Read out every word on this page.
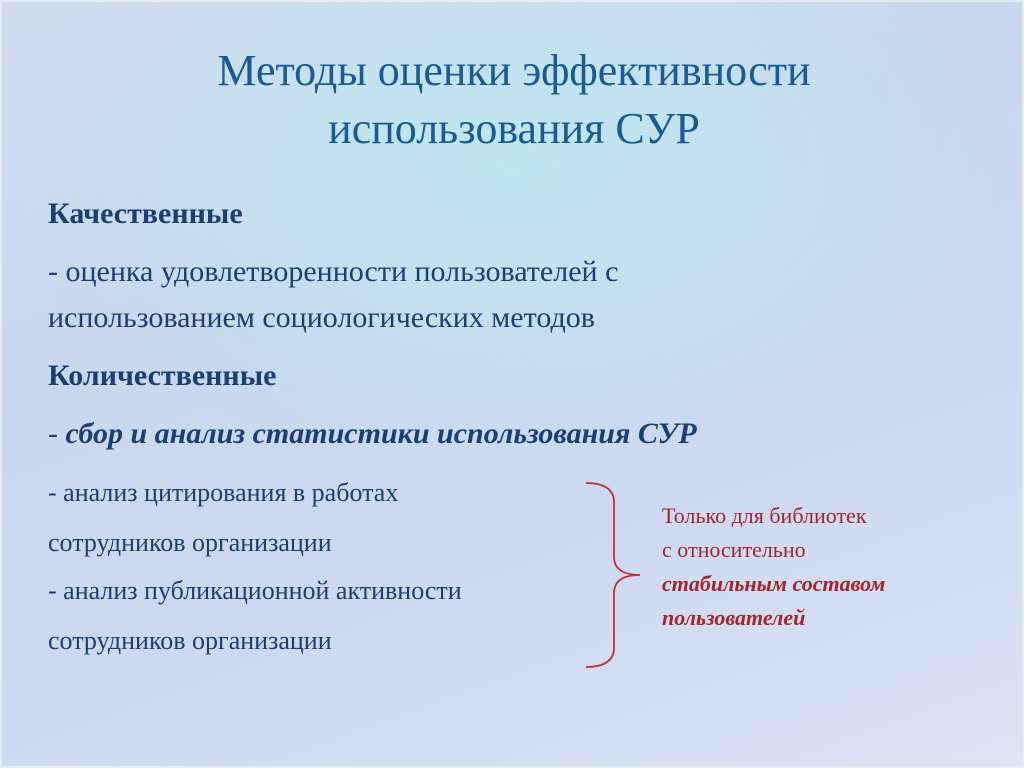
Методы оценки эффективности
использования СУР
Качественные
- оценка удовлетворенности пользователей с
использованием социологических методов
Количественные
- сбор и анализ статистики использования СУР
- анализ цитирования в работах
сотрудников организации
- анализ публикационной активности
сотрудников организации
Только для библиотек
с относительно
стабильным составом
пользователей
